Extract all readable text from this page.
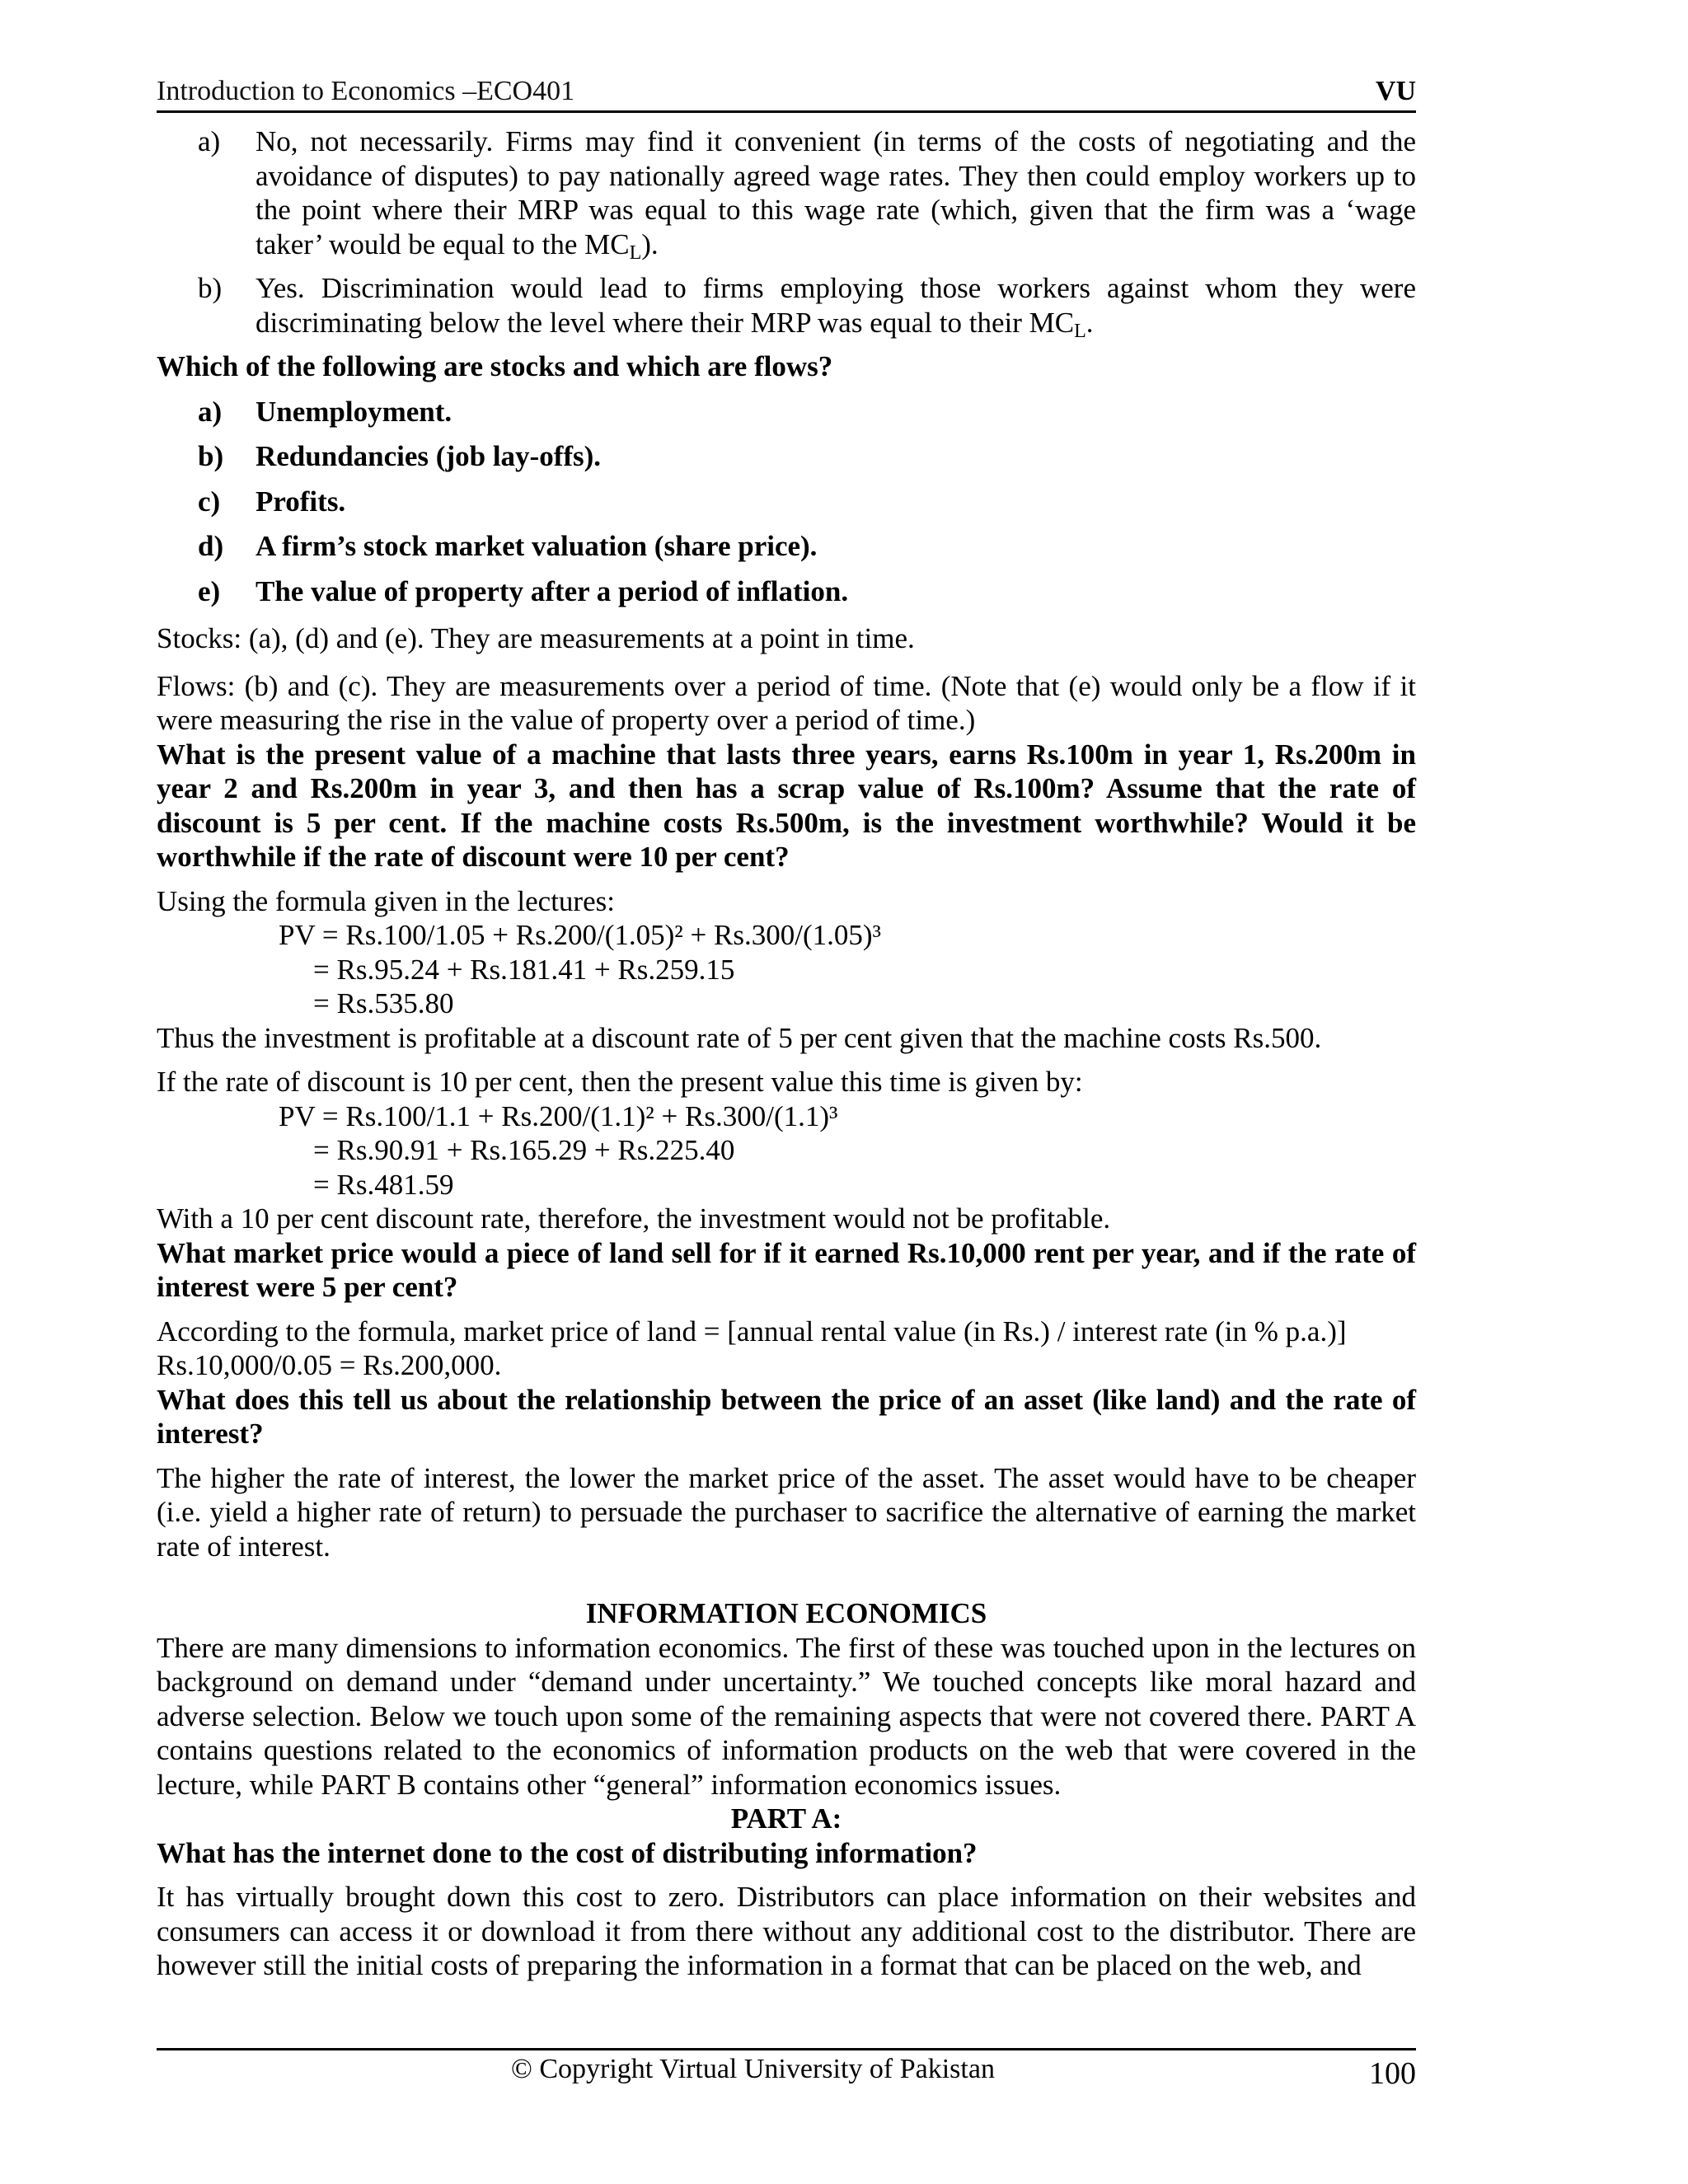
Introduction to Economics –ECO401	VU
a)	No, not necessarily. Firms may find it convenient (in terms of the costs of negotiating and the avoidance of disputes) to pay nationally agreed wage rates. They then could employ workers up to the point where their MRP was equal to this wage rate (which, given that the firm was a ‘wage taker’ would be equal to the $MC_L$).
b)	Yes. Discrimination would lead to firms employing those workers against whom they were discriminating below the level where their MRP was equal to their $MC_L$.
Which of the following are stocks and which are flows?
a)	Unemployment.
b)	Redundancies (job lay-offs).
c)	Profits.
d)	A firm’s stock market valuation (share price).
e)	The value of property after a period of inflation.
Stocks: (a), (d) and (e). They are measurements at a point in time.
Flows: (b) and (c). They are measurements over a period of time. (Note that (e) would only be a flow if it were measuring the rise in the value of property over a period of time.)
What is the present value of a machine that lasts three years, earns Rs.100m in year 1, Rs.200m in year 2 and Rs.200m in year 3, and then has a scrap value of Rs.100m? Assume that the rate of discount is 5 per cent. If the machine costs Rs.500m, is the investment worthwhile? Would it be worthwhile if the rate of discount were 10 per cent?
Using the formula given in the lectures:
PV = Rs.100/1.05 + Rs.200/(1.05)² + Rs.300/(1.05)³
= Rs.95.24 + Rs.181.41 + Rs.259.15
= Rs.535.80
Thus the investment is profitable at a discount rate of 5 per cent given that the machine costs Rs.500.
If the rate of discount is 10 per cent, then the present value this time is given by:
PV = Rs.100/1.1 + Rs.200/(1.1)² + Rs.300/(1.1)³
= Rs.90.91 + Rs.165.29 + Rs.225.40
= Rs.481.59
With a 10 per cent discount rate, therefore, the investment would not be profitable.
What market price would a piece of land sell for if it earned Rs.10,000 rent per year, and if the rate of interest were 5 per cent?
According to the formula, market price of land = [annual rental value (in Rs.) / interest rate (in % p.a.)]
Rs.10,000/0.05 = Rs.200,000.
What does this tell us about the relationship between the price of an asset (like land) and the rate of interest?
The higher the rate of interest, the lower the market price of the asset. The asset would have to be cheaper (i.e. yield a higher rate of return) to persuade the purchaser to sacrifice the alternative of earning the market rate of interest.
INFORMATION ECONOMICS
There are many dimensions to information economics. The first of these was touched upon in the lectures on background on demand under “demand under uncertainty.” We touched concepts like moral hazard and adverse selection. Below we touch upon some of the remaining aspects that were not covered there. PART A contains questions related to the economics of information products on the web that were covered in the lecture, while PART B contains other “general” information economics issues.
PART A:
What has the internet done to the cost of distributing information?
It has virtually brought down this cost to zero. Distributors can place information on their websites and consumers can access it or download it from there without any additional cost to the distributor. There are however still the initial costs of preparing the information in a format that can be placed on the web, and
© Copyright Virtual University of Pakistan	100
